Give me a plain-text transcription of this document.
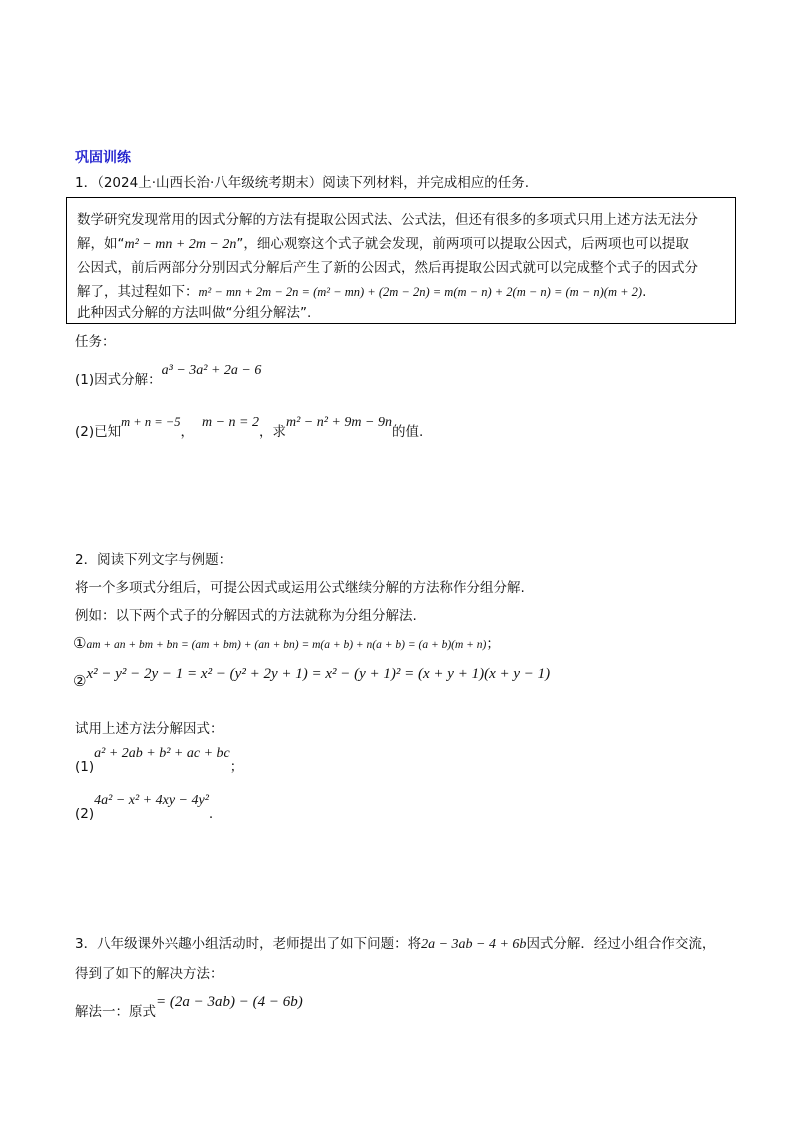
巩固训练
1．（2024上·山西长治·八年级统考期末）阅读下列材料，并完成相应的任务.
数学研究发现常用的因式分解的方法有提取公因式法、公式法，但还有很多的多项式只用上述方法无法分
解，如“m² − mn + 2m − 2n”，细心观察这个式子就会发现，前两项可以提取公因式，后两项也可以提取
公因式，前后两部分分别因式分解后产生了新的公因式，然后再提取公因式就可以完成整个式子的因式分
解了，其过程如下：m² − mn + 2m − 2n = (m² − mn) + (2m − 2n) = m(m − n) + 2(m − n) = (m − n)(m + 2).
此种因式分解的方法叫做“分组分解法”.
任务：
(1)因式分解：a³ − 3a² + 2a − 6
(2)已知m + n = −5，m − n = 2，求m² − n² + 9m − 9n的值.
2．阅读下列文字与例题：
将一个多项式分组后，可提公因式或运用公式继续分解的方法称作分组分解.
例如：以下两个式子的分解因式的方法就称为分组分解法.
①am + an + bm + bn = (am + bm) + (an + bn) = m(a + b) + n(a + b) = (a + b)(m + n)；
②x² − y² − 2y − 1 = x² − (y² + 2y + 1) = x² − (y + 1)² = (x + y + 1)(x + y − 1)
试用上述方法分解因式：
(1)a² + 2ab + b² + ac + bc；
(2)4a² − x² + 4xy − 4y².
3．八年级课外兴趣小组活动时，老师提出了如下问题：将2a − 3ab − 4 + 6b因式分解．经过小组合作交流，
得到了如下的解决方法：
解法一：原式= (2a − 3ab) − (4 − 6b)
